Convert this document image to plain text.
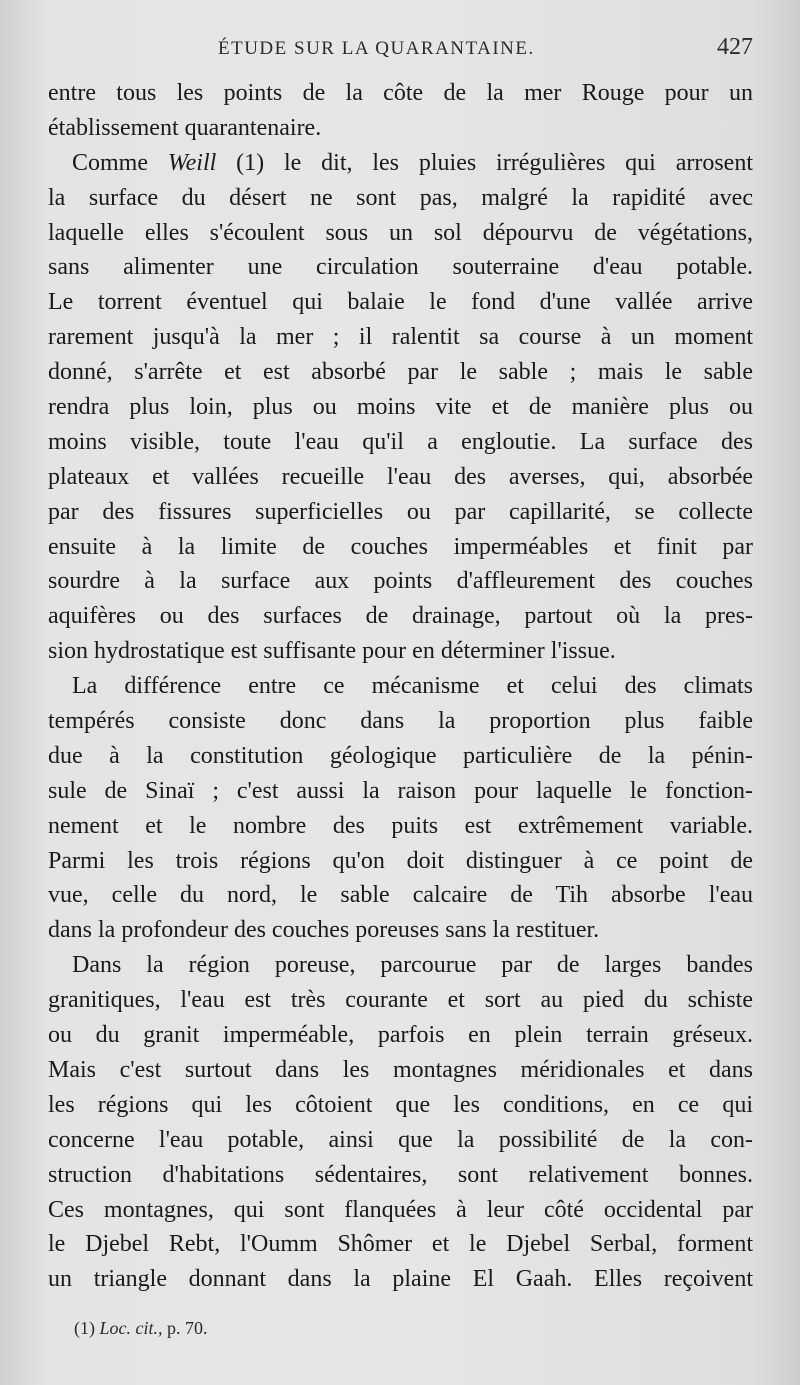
ÉTUDE SUR LA QUARANTAINE.	427
entre tous les points de la côte de la mer Rouge pour un
établissement quarantenaire.
Comme Weill (1) le dit, les pluies irrégulières qui arrosent
la surface du désert ne sont pas, malgré la rapidité avec
laquelle elles s'écoulent sous un sol dépourvu de végétations,
sans alimenter une circulation souterraine d'eau potable.
Le torrent éventuel qui balaie le fond d'une vallée arrive
rarement jusqu'à la mer ; il ralentit sa course à un moment
donné, s'arrête et est absorbé par le sable ; mais le sable
rendra plus loin, plus ou moins vite et de manière plus ou
moins visible, toute l'eau qu'il a engloutie. La surface des
plateaux et vallées recueille l'eau des averses, qui, absorbée
par des fissures superficielles ou par capillarité, se collecte
ensuite à la limite de couches imperméables et finit par
sourdre à la surface aux points d'affleurement des couches
aquifères ou des surfaces de drainage, partout où la pres-
sion hydrostatique est suffisante pour en déterminer l'issue.
La différence entre ce mécanisme et celui des climats
tempérés consiste donc dans la proportion plus faible
due à la constitution géologique particulière de la pénin-
sule de Sinaï ; c'est aussi la raison pour laquelle le fonction-
nement et le nombre des puits est extrêmement variable.
Parmi les trois régions qu'on doit distinguer à ce point de
vue, celle du nord, le sable calcaire de Tih absorbe l'eau
dans la profondeur des couches poreuses sans la restituer.
Dans la région poreuse, parcourue par de larges bandes
granitiques, l'eau est très courante et sort au pied du schiste
ou du granit imperméable, parfois en plein terrain gréseux.
Mais c'est surtout dans les montagnes méridionales et dans
les régions qui les côtoient que les conditions, en ce qui
concerne l'eau potable, ainsi que la possibilité de la con-
struction d'habitations sédentaires, sont relativement bonnes.
Ces montagnes, qui sont flanquées à leur côté occidental par
le Djebel Rebt, l'Oumm Shômer et le Djebel Serbal, forment
un triangle donnant dans la plaine El Gaah. Elles reçoivent
(1) Loc. cit., p. 70.
